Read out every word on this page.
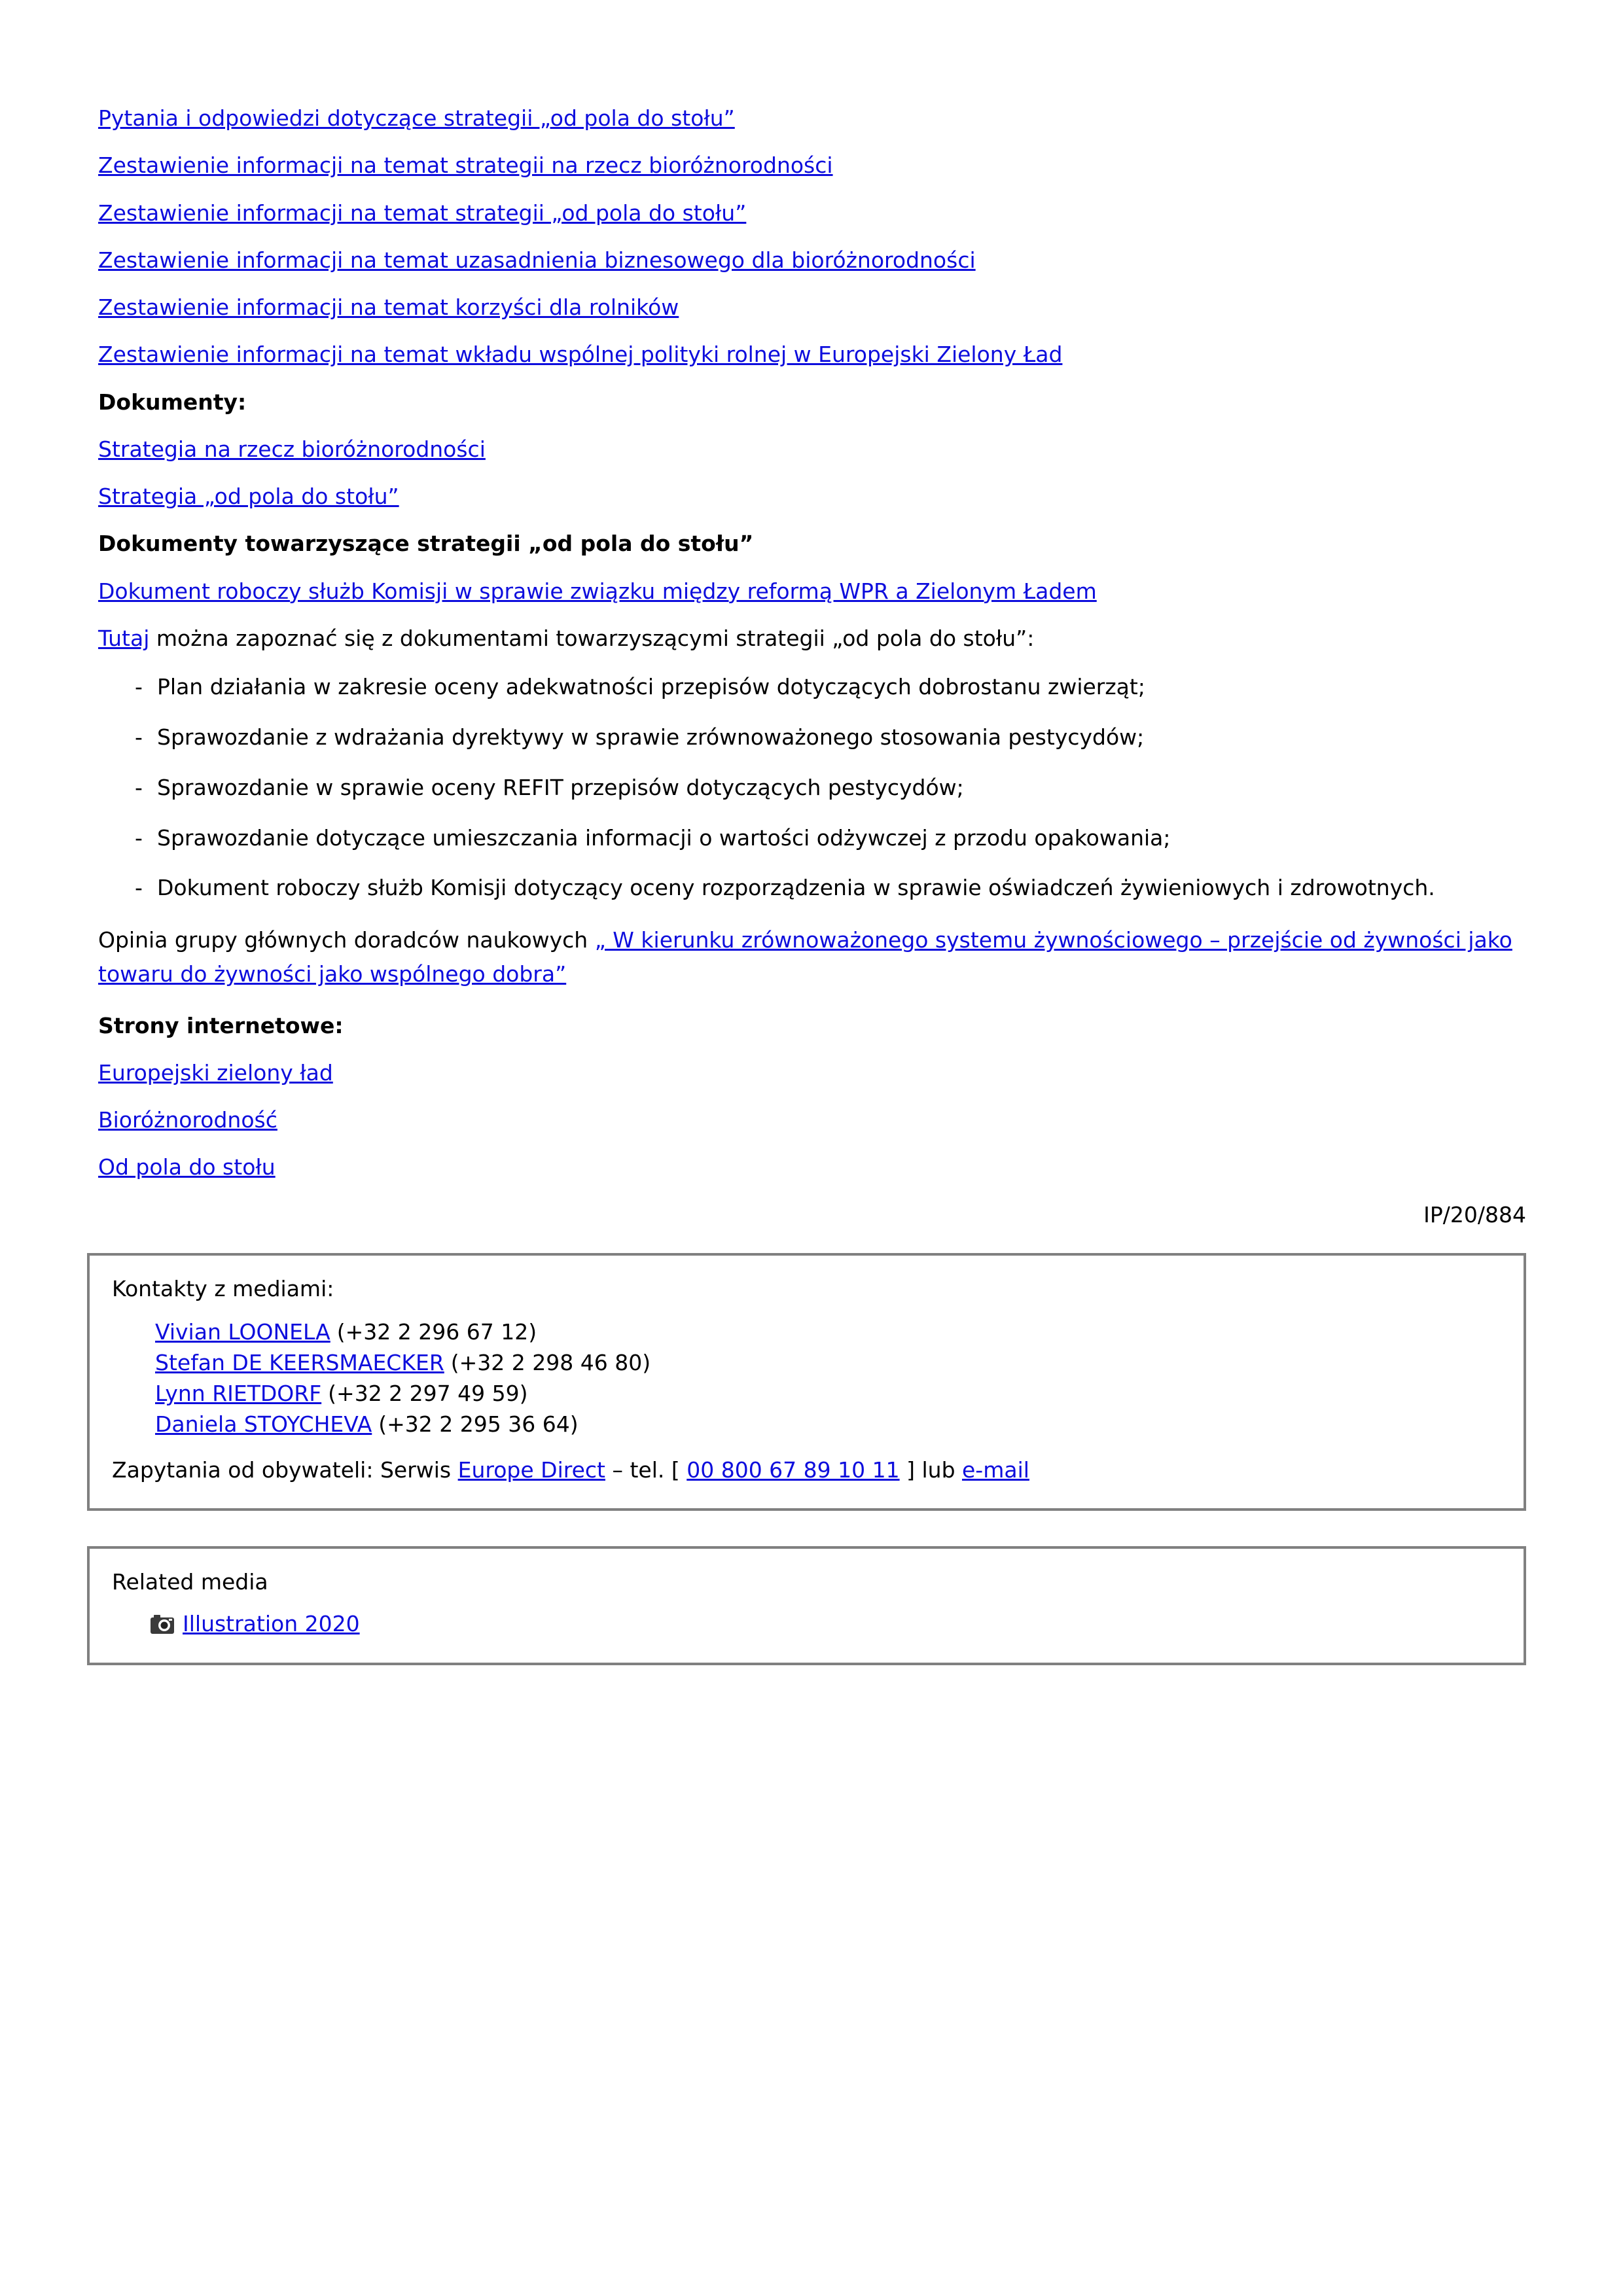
Pytania i odpowiedzi dotyczące strategii „od pola do stołu”

Zestawienie informacji na temat strategii na rzecz bioróżnorodności

Zestawienie informacji na temat strategii „od pola do stołu”

Zestawienie informacji na temat uzasadnienia biznesowego dla bioróżnorodności

Zestawienie informacji na temat korzyści dla rolników

Zestawienie informacji na temat wkładu wspólnej polityki rolnej w Europejski Zielony Ład

Dokumenty:

Strategia na rzecz bioróżnorodności

Strategia „od pola do stołu”

Dokumenty towarzyszące strategii „od pola do stołu”

Dokument roboczy służb Komisji w sprawie związku między reformą WPR a Zielonym Ładem

Tutaj można zapoznać się z dokumentami towarzyszącymi strategii „od pola do stołu”:

- Plan działania w zakresie oceny adekwatności przepisów dotyczących dobrostanu zwierząt;
- Sprawozdanie z wdrażania dyrektywy w sprawie zrównoważonego stosowania pestycydów;
- Sprawozdanie w sprawie oceny REFIT przepisów dotyczących pestycydów;
- Sprawozdanie dotyczące umieszczania informacji o wartości odżywczej z przodu opakowania;
- Dokument roboczy służb Komisji dotyczący oceny rozporządzenia w sprawie oświadczeń żywieniowych i zdrowotnych.

Opinia grupy głównych doradców naukowych „ W kierunku zrównoważonego systemu żywnościowego – przejście od żywności jako towaru do żywności jako wspólnego dobra”

Strony internetowe:

Europejski zielony ład

Bioróżnorodność

Od pola do stołu

IP/20/884

Kontakty z mediami:

Vivian LOONELA (+32 2 296 67 12)

Stefan DE KEERSMAECKER (+32 2 298 46 80)

Lynn RIETDORF (+32 2 297 49 59)

Daniela STOYCHEVA (+32 2 295 36 64)

Zapytania od obywateli: Serwis Europe Direct – tel. [ 00 800 67 89 10 11 ] lub e-mail

Related media

Illustration 2020
